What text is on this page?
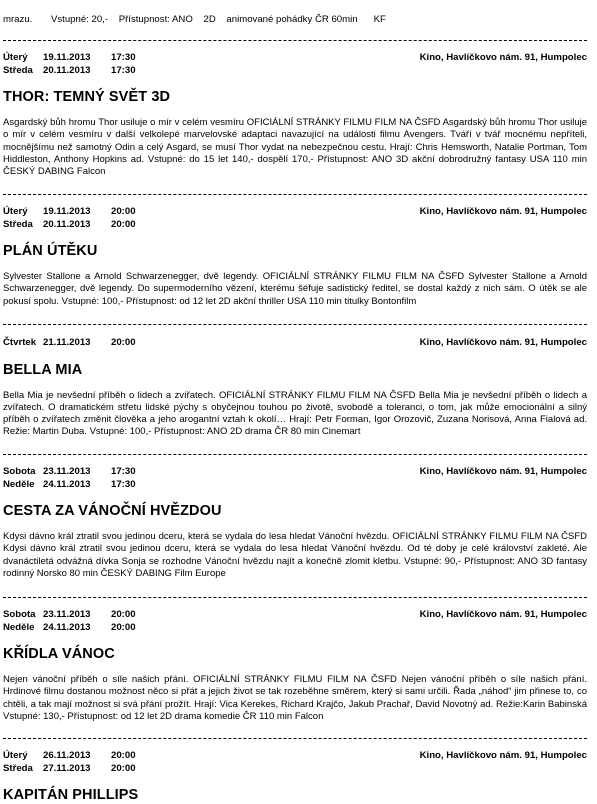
mrazu.       Vstupné: 20,-    Přístupnost: ANO    2D    animované pohádky ČR 60min      KF
Úterý 19.11.2013 17:30	Kino, Havlíčkovo nám. 91, Humpolec
Středa 20.11.2013 17:30
THOR: TEMNÝ SVĚT 3D
Asgardský bůh hromu Thor usiluje o mír v celém vesmíru OFICIÁLNÍ STRÁNKY FILMU FILM NA ČSFD Asgardský bůh hromu Thor usiluje o mír v celém vesmíru v další velkolepé marvelovské adaptaci navazující na události filmu Avengers. Tváří v tvář mocnému nepříteli, mocnějšímu než samotný Odin a celý Asgard, se musí Thor vydat na nebezpečnou cestu. Hrají: Chris Hemsworth, Natalie Portman, Tom Hiddleston, Anthony Hopkins ad. Vstupné: do 15 let 140,- dospělí 170,- Přístupnost: ANO 3D akční dobrodružný fantasy USA 110 min ČESKÝ DABING Falcon
Úterý 19.11.2013 20:00	Kino, Havlíčkovo nám. 91, Humpolec
Středa 20.11.2013 20:00
PLÁN ÚTĚKU
Sylvester Stallone a Arnold Schwarzenegger, dvě legendy. OFICIÁLNÍ STRÁNKY FILMU FILM NA ČSFD Sylvester Stallone a Arnold Schwarzenegger, dvě legendy. Do supermoderního vězení, kterému šéfuje sadistický ředitel, se dostal každý z nich sám. O útěk se ale pokusí spolu. Vstupné: 100,- Přístupnost: od 12 let 2D akční thriller USA 110 min titulky Bontonfilm
Čtvrtek 21.11.2013 20:00	Kino, Havlíčkovo nám. 91, Humpolec
BELLA MIA
Bella Mia je nevšední příběh o lidech a zvířatech. OFICIÁLNÍ STRÁNKY FILMU FILM NA ČSFD Bella Mia je nevšední příběh o lidech a zvířatech. O dramatickém střetu lidské pýchy s obyčejnou touhou po životě, svobodě a toleranci, o tom, jak může emocionální a silný příběh o zvířatech změnit člověka a jeho arogantní vztah k okolí… Hrají: Petr Forman, Igor Orozovič, Zuzana Norisová, Anna Fialová ad. Režie: Martin Duba. Vstupné: 100,- Přístupnost: ANO 2D drama ČR 80 min Cinemart
Sobota 23.11.2013 17:30	Kino, Havlíčkovo nám. 91, Humpolec
Neděle 24.11.2013 17:30
CESTA ZA VÁNOČNÍ HVĚZDOU
Kdysi dávno král ztratil svou jedinou dceru, která se vydala do lesa hledat Vánoční hvězdu. OFICIÁLNÍ STRÁNKY FILMU FILM NA ČSFD Kdysi dávno král ztratil svou jedinou dceru, která se vydala do lesa hledat Vánoční hvězdu. Od té doby je celé království zakleté. Ale dvanáctiletá odvážná dívka Sonja se rozhodne Vánoční hvězdu najít a konečně zlomit kletbu. Vstupné: 90,- Přístupnost: ANO 3D fantasy rodinný Norsko 80 min ČESKÝ DABING Film Europe
Sobota 23.11.2013 20:00	Kino, Havlíčkovo nám. 91, Humpolec
Neděle 24.11.2013 20:00
KŘÍDLA VÁNOC
Nejen vánoční příběh o síle našich přání. OFICIÁLNÍ STRÁNKY FILMU FILM NA ČSFD Nejen vánoční příběh o síle našich přání. Hrdinové filmu dostanou možnost něco si přát a jejich život se tak rozeběhne směrem, který si sami určili. Řada „náhod“ jim přinese to, co chtěli, a tak mají možnost si svá přání prožít. Hrají: Vica Kerekes, Richard Krajčo, Jakub Prachař, David Novotný ad. Režie:Karin Babinská Vstupné: 130,- Přístupnost: od 12 let 2D drama komedie ČR 110 min Falcon
Úterý 26.11.2013 20:00	Kino, Havlíčkovo nám. 91, Humpolec
Středa 27.11.2013 20:00
KAPITÁN PHILLIPS
